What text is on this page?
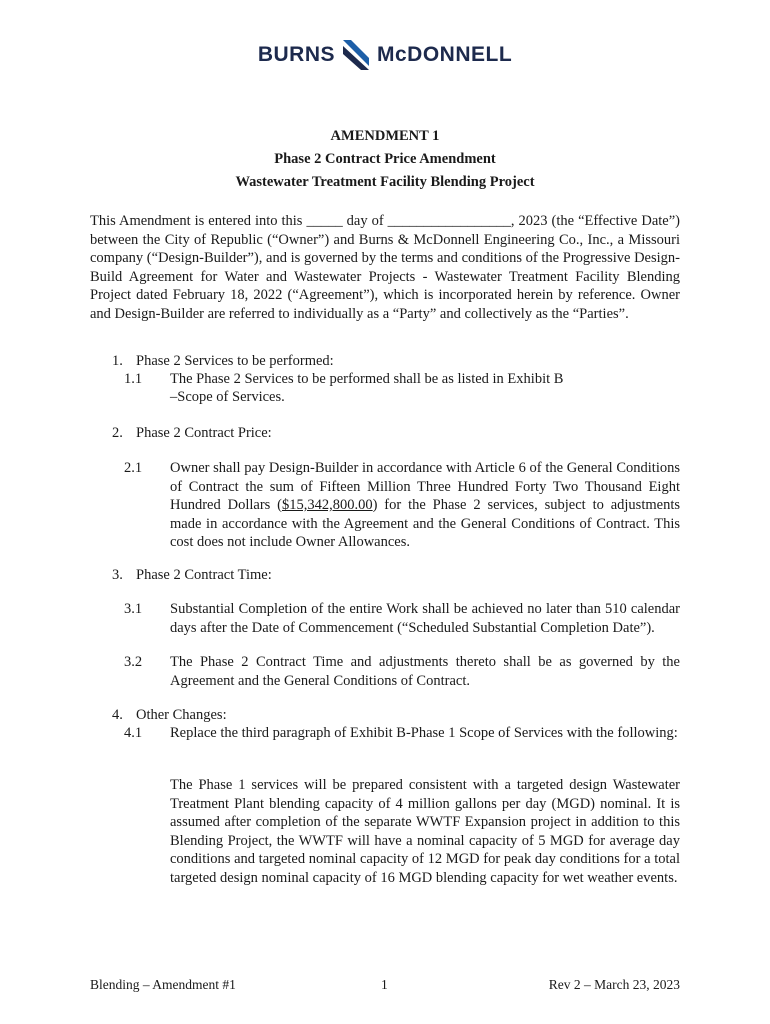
BURNS McDONNELL
AMENDMENT 1
Phase 2 Contract Price Amendment
Wastewater Treatment Facility Blending Project

This Amendment is entered into this _____ day of _________________, 2023 (the “Effective Date”) between the City of Republic (“Owner”) and Burns & McDonnell Engineering Co., Inc., a Missouri company (“Design-Builder”), and is governed by the terms and conditions of the Progressive Design-Build Agreement for Water and Wastewater Projects - Wastewater Treatment Facility Blending Project dated February 18, 2022 (“Agreement”), which is incorporated herein by reference. Owner and Design-Builder are referred to individually as a “Party” and collectively as the “Parties”.

1. Phase 2 Services to be performed:
1.1 The Phase 2 Services to be performed shall be as listed in Exhibit B
–Scope of Services.
2. Phase 2 Contract Price:
2.1 Owner shall pay Design-Builder in accordance with Article 6 of the General Conditions of Contract the sum of Fifteen Million Three Hundred Forty Two Thousand Eight Hundred Dollars ($15,342,800.00) for the Phase 2 services, subject to adjustments made in accordance with the Agreement and the General Conditions of Contract. This cost does not include Owner Allowances.

3. Phase 2 Contract Time:
3.1 Substantial Completion of the entire Work shall be achieved no later than 510 calendar days after the Date of Commencement (“Scheduled Substantial Completion Date”).

3.2 The Phase 2 Contract Time and adjustments thereto shall be as governed by the Agreement and the General Conditions of Contract.

4. Other Changes:
4.1 Replace the third paragraph of Exhibit B-Phase 1 Scope of Services with the following:

The Phase 1 services will be prepared consistent with a targeted design Wastewater Treatment Plant blending capacity of 4 million gallons per day (MGD) nominal. It is assumed after completion of the separate WWTF Expansion project in addition to this Blending Project, the WWTF will have a nominal capacity of 5 MGD for average day conditions and targeted nominal capacity of 12 MGD for peak day conditions for a total targeted design nominal capacity of 16 MGD blending capacity for wet weather events.

Blending – Amendment #1	1	Rev 2 – March 23, 2023
